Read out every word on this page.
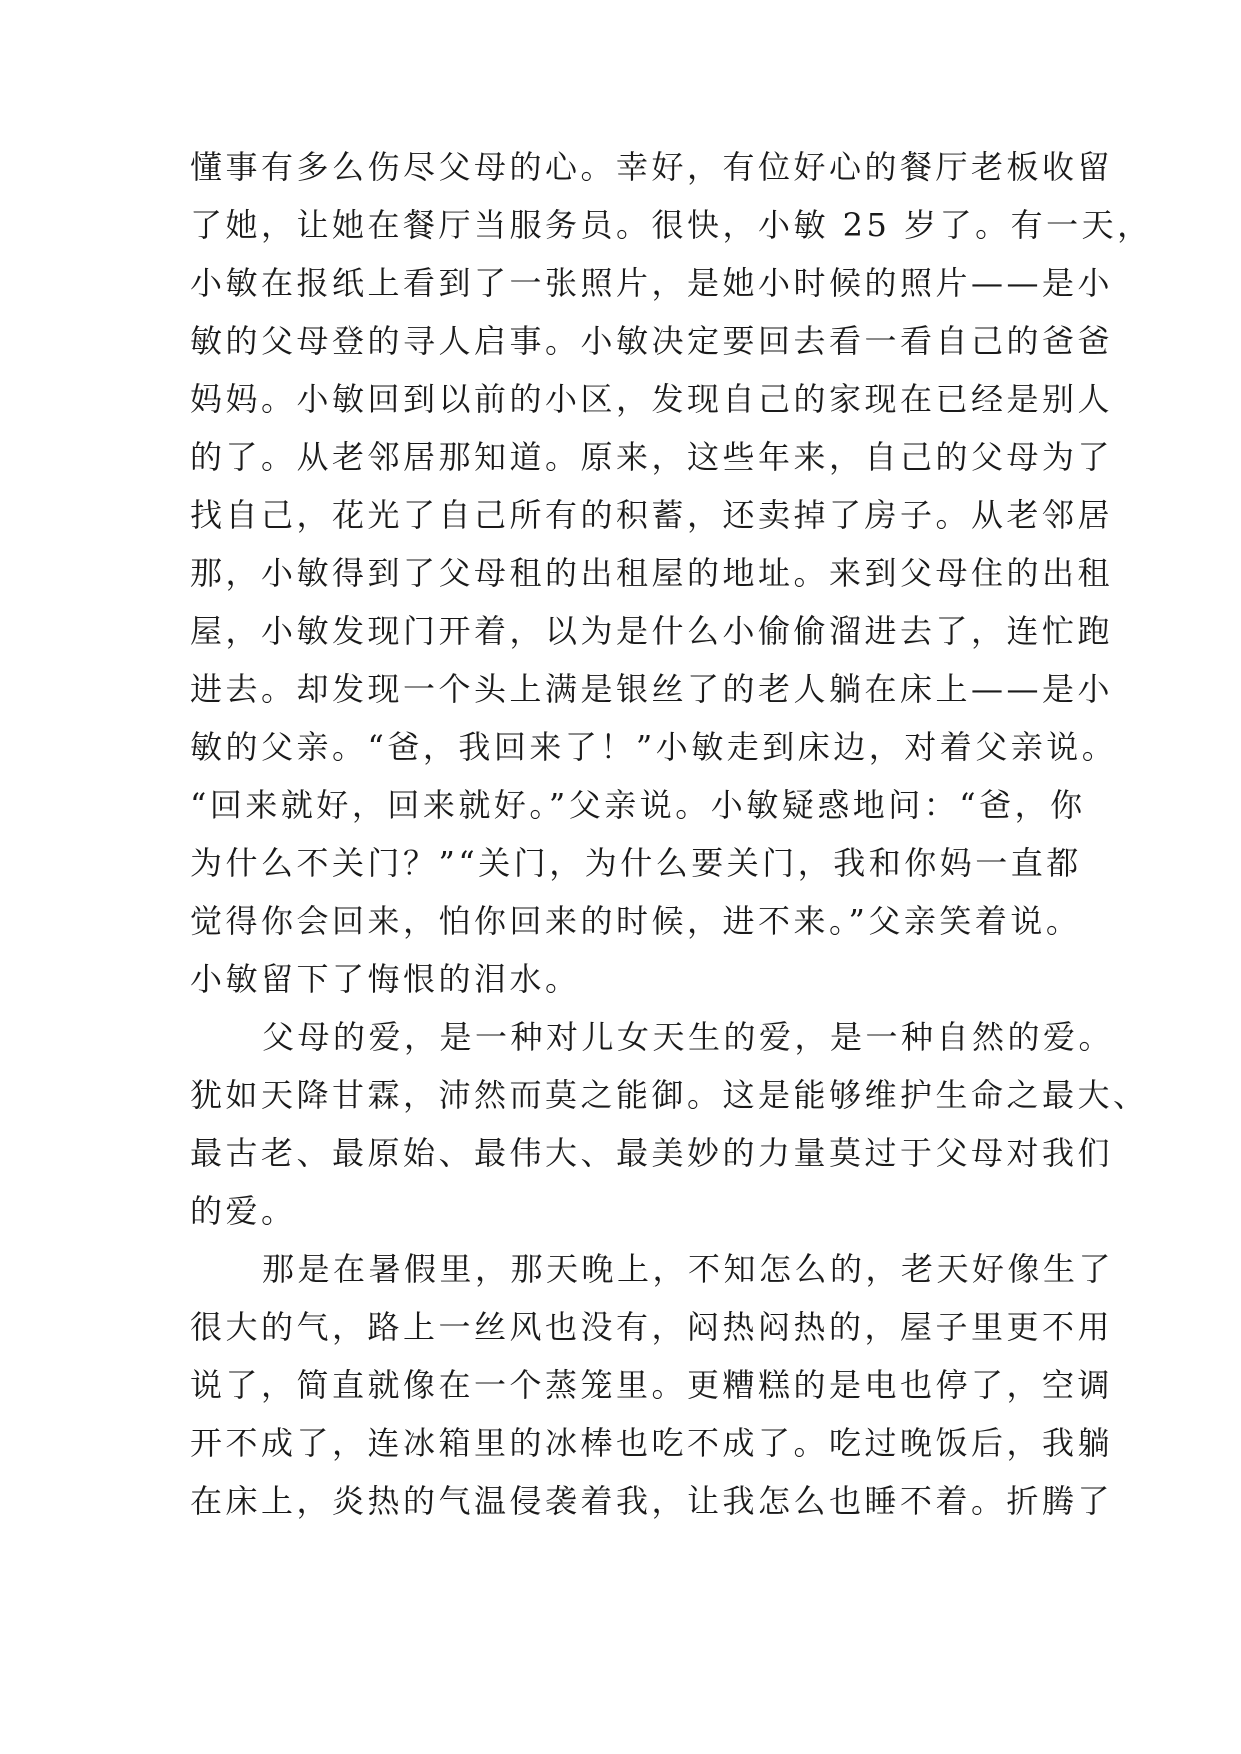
懂事有多么伤尽父母的心。幸好，有位好心的餐厅老板收留
了她，让她在餐厅当服务员。很快，小敏 25 岁了。有一天，
小敏在报纸上看到了一张照片，是她小时候的照片——是小
敏的父母登的寻人启事。小敏决定要回去看一看自己的爸爸
妈妈。小敏回到以前的小区，发现自己的家现在已经是别人
的了。从老邻居那知道。原来，这些年来，自己的父母为了
找自己，花光了自己所有的积蓄，还卖掉了房子。从老邻居
那，小敏得到了父母租的出租屋的地址。来到父母住的出租
屋，小敏发现门开着，以为是什么小偷偷溜进去了，连忙跑
进去。却发现一个头上满是银丝了的老人躺在床上——是小
敏的父亲。“爸，我回来了！”小敏走到床边，对着父亲说。
“回来就好，回来就好。”父亲说。小敏疑惑地问：“爸，你
为什么不关门？”“关门，为什么要关门，我和你妈一直都
觉得你会回来，怕你回来的时候，进不来。”父亲笑着说。
小敏留下了悔恨的泪水。
父母的爱，是一种对儿女天生的爱，是一种自然的爱。
犹如天降甘霖，沛然而莫之能御。这是能够维护生命之最大、
最古老、最原始、最伟大、最美妙的力量莫过于父母对我们
的爱。
那是在暑假里，那天晚上，不知怎么的，老天好像生了
很大的气，路上一丝风也没有，闷热闷热的，屋子里更不用
说了，简直就像在一个蒸笼里。更糟糕的是电也停了，空调
开不成了，连冰箱里的冰棒也吃不成了。吃过晚饭后，我躺
在床上，炎热的气温侵袭着我，让我怎么也睡不着。折腾了
